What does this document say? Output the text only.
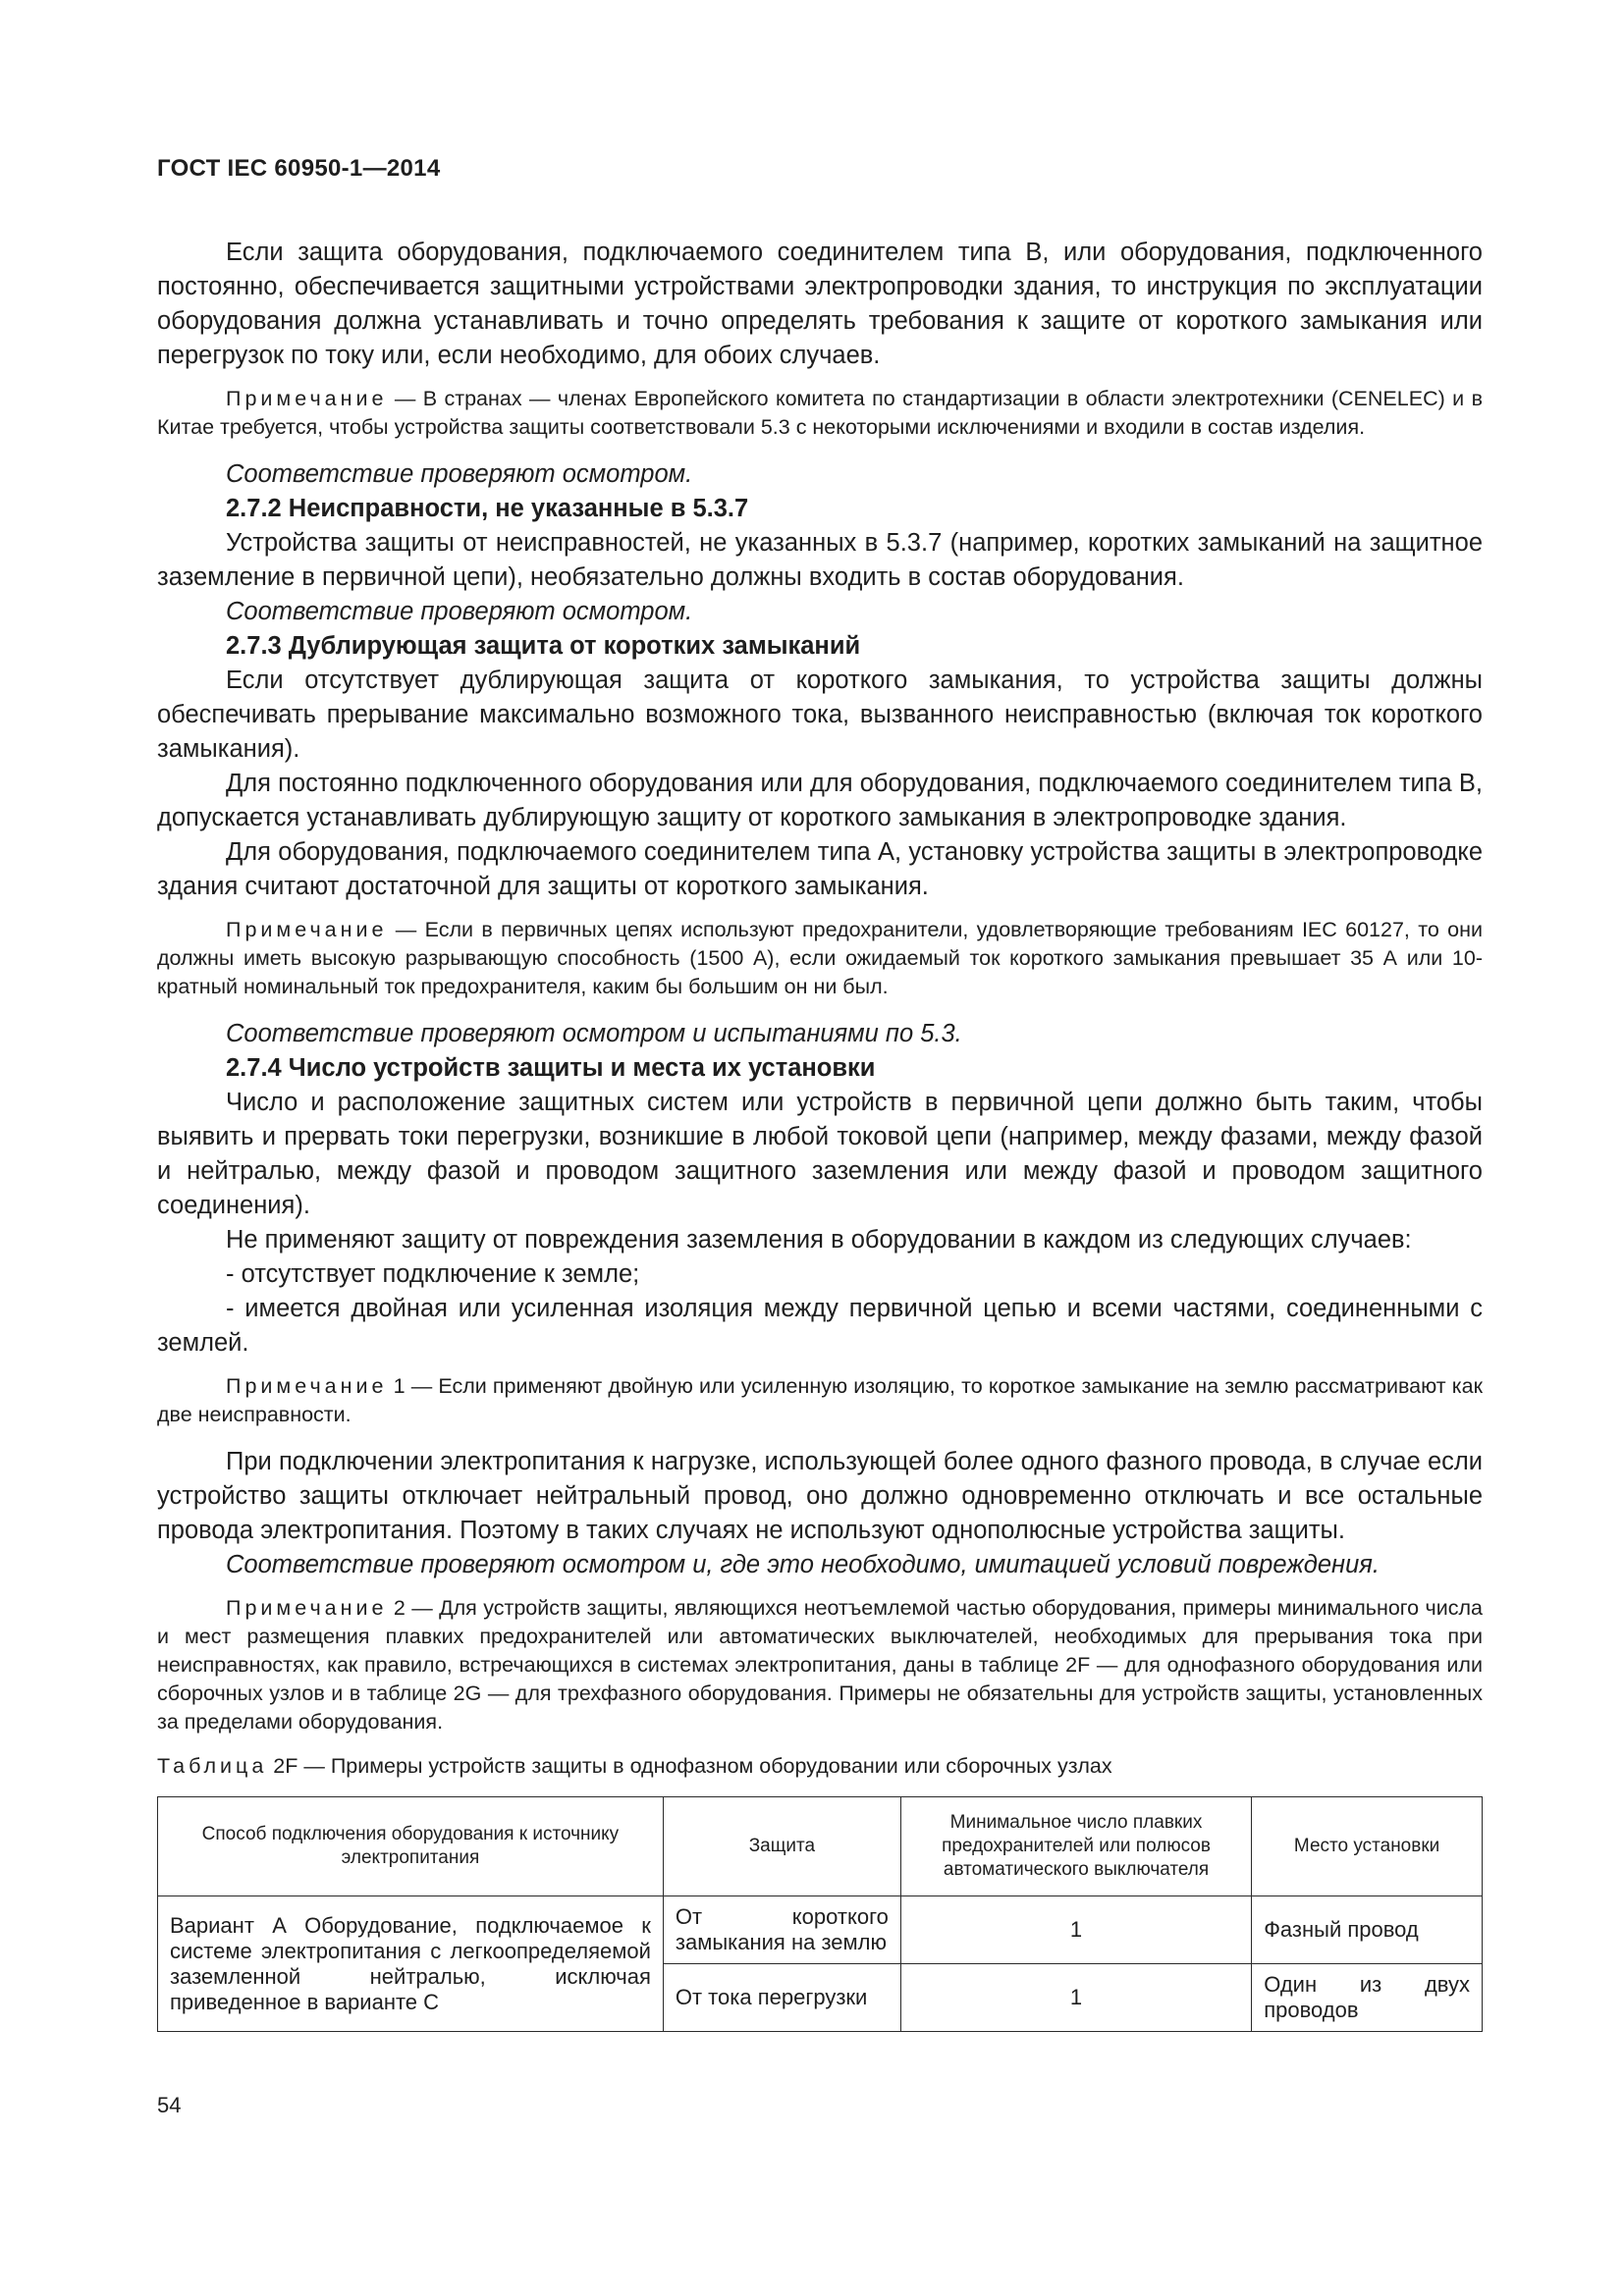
ГОСТ IEC 60950-1—2014

Если защита оборудования, подключаемого соединителем типа В, или оборудования, подключенного постоянно, обеспечивается защитными устройствами электропроводки здания, то инструкция по эксплуатации оборудования должна устанавливать и точно определять требования к защите от короткого замыкания или перегрузок по току или, если необходимо, для обоих случаев.

Примечание — В странах — членах Европейского комитета по стандартизации в области электротехники (CENELEC) и в Китае требуется, чтобы устройства защиты соответствовали 5.3 с некоторыми исключениями и входили в состав изделия.

Соответствие проверяют осмотром.

2.7.2 Неисправности, не указанные в 5.3.7

Устройства защиты от неисправностей, не указанных в 5.3.7 (например, коротких замыканий на защитное заземление в первичной цепи), необязательно должны входить в состав оборудования.

Соответствие проверяют осмотром.

2.7.3 Дублирующая защита от коротких замыканий

Если отсутствует дублирующая защита от короткого замыкания, то устройства защиты должны обеспечивать прерывание максимально возможного тока, вызванного неисправностью (включая ток короткого замыкания).

Для постоянно подключенного оборудования или для оборудования, подключаемого соединителем типа В, допускается устанавливать дублирующую защиту от короткого замыкания в электропроводке здания.

Для оборудования, подключаемого соединителем типа А, установку устройства защиты в электропроводке здания считают достаточной для защиты от короткого замыкания.

Примечание — Если в первичных цепях используют предохранители, удовлетворяющие требованиям IEC 60127, то они должны иметь высокую разрывающую способность (1500 А), если ожидаемый ток короткого замыкания превышает 35 А или 10-кратный номинальный ток предохранителя, каким бы большим он ни был.

Соответствие проверяют осмотром и испытаниями по 5.3.

2.7.4 Число устройств защиты и места их установки

Число и расположение защитных систем или устройств в первичной цепи должно быть таким, чтобы выявить и прервать токи перегрузки, возникшие в любой токовой цепи (например, между фазами, между фазой и нейтралью, между фазой и проводом защитного заземления или между фазой и проводом защитного соединения).

Не применяют защиту от повреждения заземления в оборудовании в каждом из следующих случаев:

- отсутствует подключение к земле;

- имеется двойная или усиленная изоляция между первичной цепью и всеми частями, соединенными с землей.

Примечание 1 — Если применяют двойную или усиленную изоляцию, то короткое замыкание на землю рассматривают как две неисправности.

При подключении электропитания к нагрузке, использующей более одного фазного провода, в случае если устройство защиты отключает нейтральный провод, оно должно одновременно отключать и все остальные провода электропитания. Поэтому в таких случаях не используют однополюсные устройства защиты.

Соответствие проверяют осмотром и, где это необходимо, имитацией условий повреждения.

Примечание 2 — Для устройств защиты, являющихся неотъемлемой частью оборудования, примеры минимального числа и мест размещения плавких предохранителей или автоматических выключателей, необходимых для прерывания тока при неисправностях, как правило, встречающихся в системах электропитания, даны в таблице 2F — для однофазного оборудования или сборочных узлов и в таблице 2G — для трехфазного оборудования. Примеры не обязательны для устройств защиты, установленных за пределами оборудования.

Таблица 2F — Примеры устройств защиты в однофазном оборудовании или сборочных узлах

Способ подключения оборудования к источнику электропитания	Защита	Минимальное число плавких предохранителей или полюсов автоматического выключателя	Место установки
Вариант А Оборудование, подключаемое к системе электропитания с легкоопределяемой заземленной нейтралью, исключая приведенное в варианте С	От короткого замыкания на землю	1	Фазный провод
	От тока перегрузки	1	Один из двух проводов
54
